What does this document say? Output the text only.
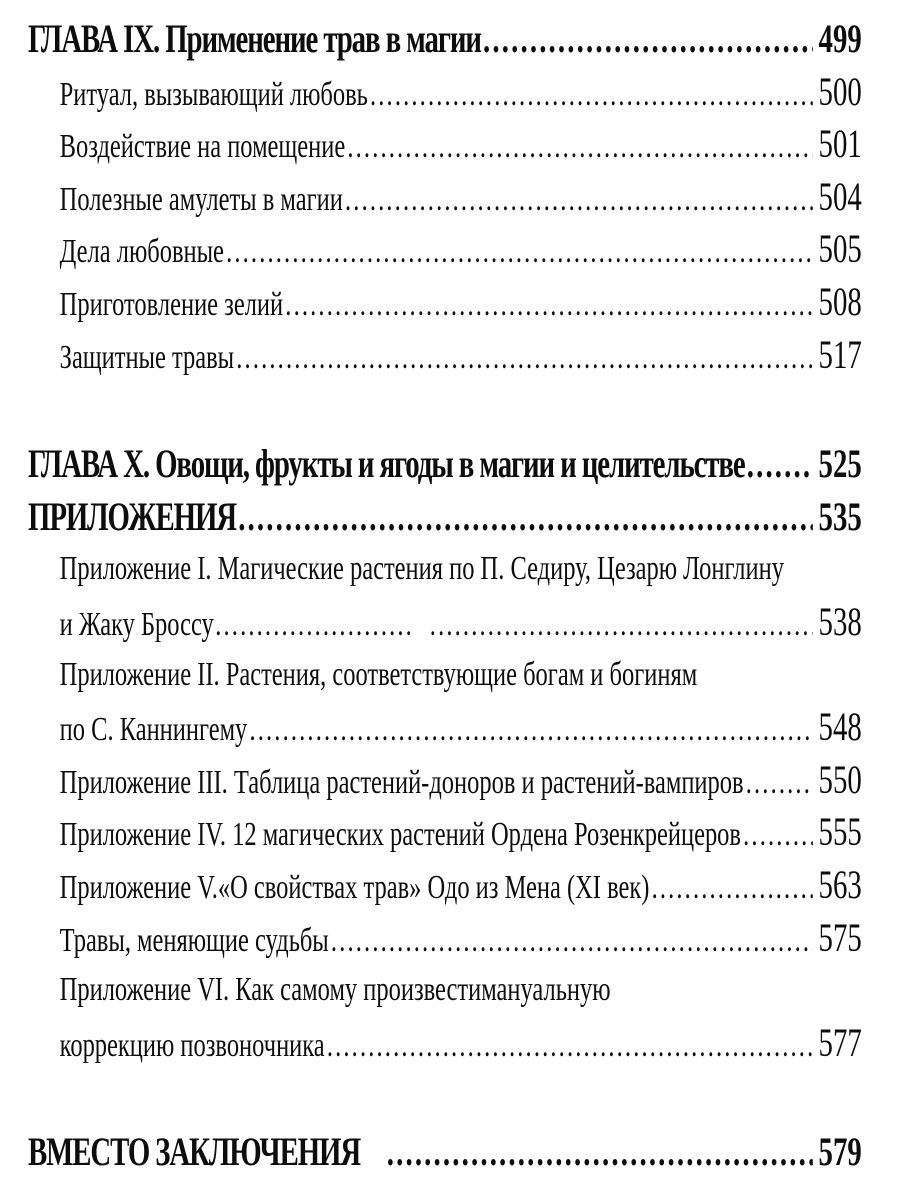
ГЛАВА IX. Применение трав в магии .....	499
Ритуал, вызывающий любовь .....	500
Воздействие на помещение .....	501
Полезные амулеты в магии .....	504
Дела любовные .....	505
Приготовление зелий .....	508
Защитные травы .....	517
ГЛАВА X. Овощи, фрукты и ягоды в магии и целительстве ..... 525
ПРИЛОЖЕНИЯ .....	535
Приложение I. Магические растения по П. Седиру, Цезарю Лонглину
и Жаку Броссу ........................ .....	538
Приложение II. Растения, соответствующие богам и богиням
по С. Каннингему .....	548
Приложение III. Таблица растений-доноров и растений-вампиров ..... 550
Приложение IV. 12 магических растений Ордена Розенкрейцеров ..... 555
Приложение V.«О свойствах трав» Одо из Мена (XI век) .....	563
Травы, меняющие судьбы .....	575
Приложение VI. Как самому произвестимануальную
коррекцию позвоночника .....	577
ВМЕСТО ЗАКЛЮЧЕНИЯ .....	579
